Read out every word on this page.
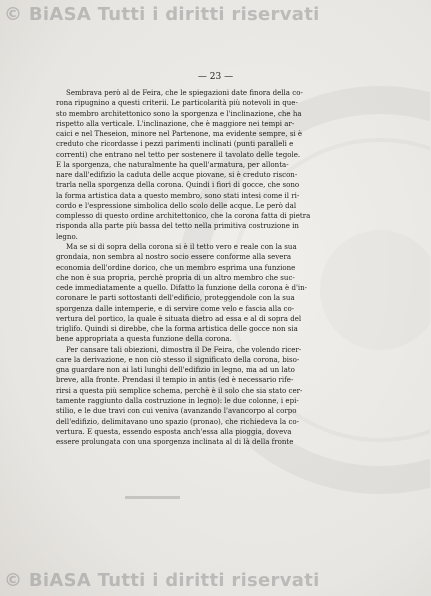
© BiASA Tutti i diritti riservati
— 23 —
Sembrava però al de Feira, che le spiegazioni date finora della co-
rona ripugnino a questi criterii. Le particolarità più notevoli in que-
sto membro architettonico sono la sporgenza e l'inclinazione, che ha
rispetto alla verticale. L'inclinazione, che è maggiore nei tempi ar-
caici e nel Theseion, minore nel Partenone, ma evidente sempre, si è
creduto che ricordasse i pezzi parimenti inclinati (punti paralleli e
correnti) che entrano nel tetto per sostenere il tavolato delle tegole.
E la sporgenza, che naturalmente ha quell'armatura, per allonta-
nare dall'edifizio la caduta delle acque piovane, si è creduto riscon-
trarla nella sporgenza della corona. Quindi i fiori di gocce, che sono
la forma artistica data a questo membro, sono stati intesi come il ri-
cordo e l'espressione simbolica dello scolo delle acque. Le però dal
complesso di questo ordine architettonico, che la corona fatta di pietra
risponda alla parte più bassa del tetto nella primitiva costruzione in
legno.
Ma se si di sopra della corona si è il tetto vero e reale con la sua
grondaia, non sembra al nostro socio essere conforme alla severa
economia dell'ordine dorico, che un membro esprima una funzione
che non è sua propria, perchè propria di un altro membro che suc-
cede immediatamente a quello. Difatto la funzione della corona è d'in-
coronare le parti sottostanti dell'edificio, proteggendole con la sua
sporgenza dalle intemperie, e di servire come velo e fascia alla co-
vertura del portico, la quale è situata dietro ad essa e al di sopra del
triglifo. Quindi si direbbe, che la forma artistica delle gocce non sia
bene appropriata a questa funzione della corona.
Per cansare tali obiezioni, dimostra il De Feira, che volendo ricer-
care la derivazione, e non ciò stesso il significato della corona, biso-
gna guardare non ai lati lunghi dell'edifizio in legno, ma ad un lato
breve, alla fronte. Prendasi il tempio in antis (ed è necessario rife-
rirsi a questa più semplice schema, perchè è il solo che sia stato cer-
tamente raggiunto dalla costruzione in legno): le due colonne, i epi-
stilio, e le due travi con cui veniva (avanzando l'avancorpo al corpo
dell'edifizio, delimitavano uno spazio (pronao), che richiedeva la co-
vertura. E questa, essendo esposta anch'essa alla pioggia, doveva
essere prolungata con una sporgenza inclinata al di là della fronte
© BiASA Tutti i diritti riservati
